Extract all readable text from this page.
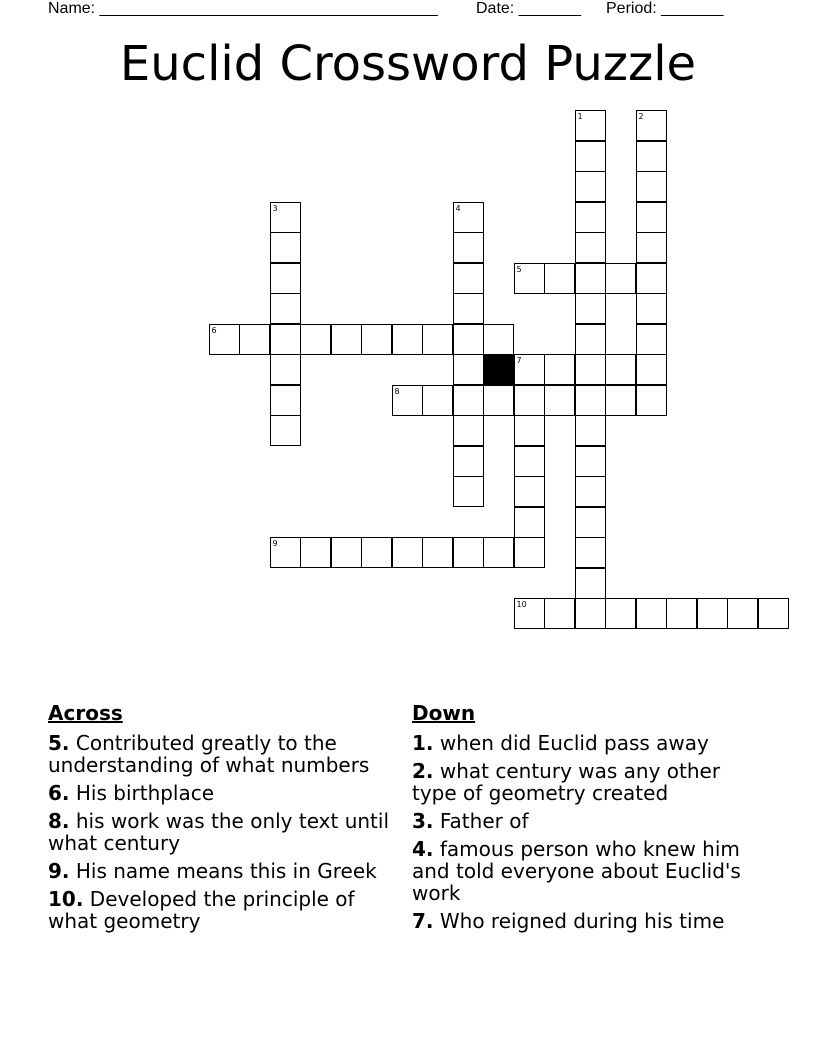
Name: ______________________________________ Date: _______ Period: _______
Euclid Crossword Puzzle
1	2
3	4
5
6
7
8
9
10
Across
5. Contributed greatly to the understanding of what numbers
6. His birthplace
8. his work was the only text until what century
9. His name means this in Greek
10. Developed the principle of what geometry
Down
1. when did Euclid pass away
2. what century was any other type of geometry created
3. Father of
4. famous person who knew him and told everyone about Euclid's work
7. Who reigned during his time
